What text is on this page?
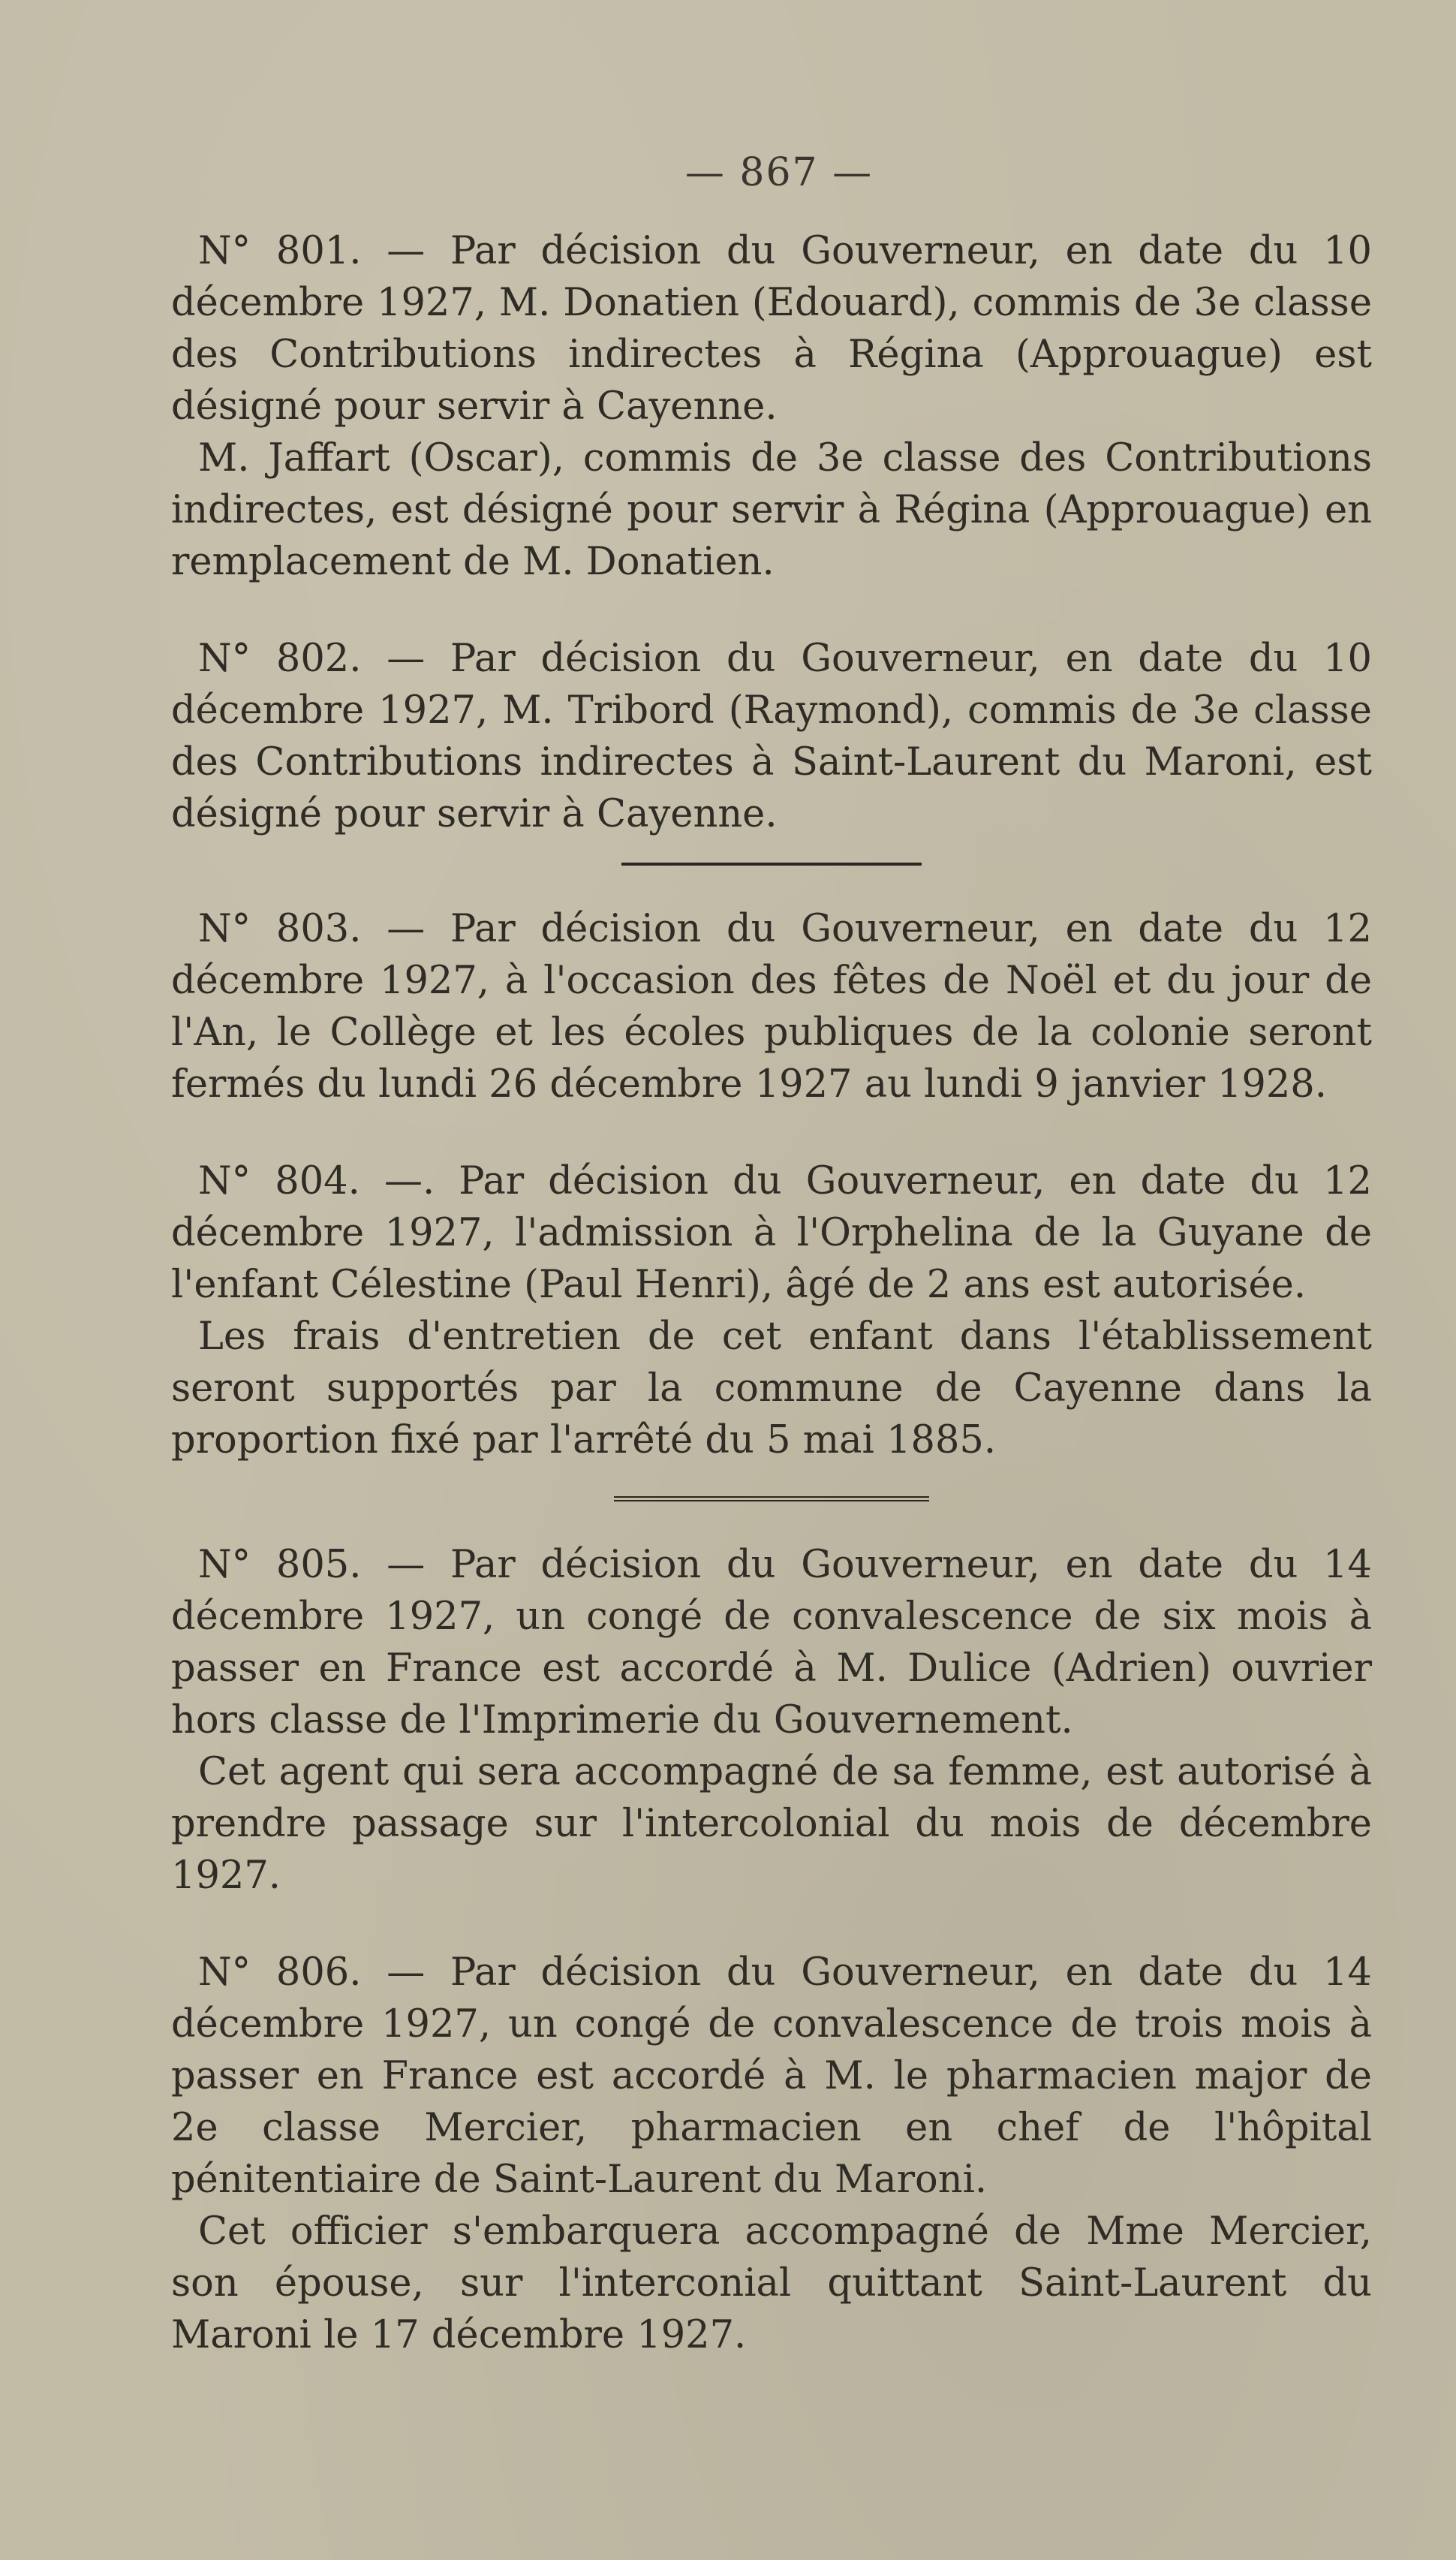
— 867 —

N° 801. — Par décision du Gouverneur, en date du 10 décembre 1927, M. Donatien (Edouard), commis de 3e classe des Contributions indirectes à Régina (Approuague) est désigné pour servir à Cayenne.

M. Jaffart (Oscar), commis de 3e classe des Contributions indirectes, est désigné pour servir à Régina (Approuague) en remplacement de M. Donatien.

N° 802. — Par décision du Gouverneur, en date du 10 décembre 1927, M. Tribord (Raymond), commis de 3e classe des Contributions indirectes à Saint-Laurent du Maroni, est désigné pour servir à Cayenne.

N° 803. — Par décision du Gouverneur, en date du 12 décembre 1927, à l'occasion des fêtes de Noël et du jour de l'An, le Collège et les écoles publiques de la colonie seront fermés du lundi 26 décembre 1927 au lundi 9 janvier 1928.

N° 804. —. Par décision du Gouverneur, en date du 12 décembre 1927, l'admission à l'Orphelina de la Guyane de l'enfant Célestine (Paul Henri), âgé de 2 ans est autorisée.

Les frais d'entretien de cet enfant dans l'établissement seront supportés par la commune de Cayenne dans la proportion fixé par l'arrêté du 5 mai 1885.

N° 805. — Par décision du Gouverneur, en date du 14 décembre 1927, un congé de convalescence de six mois à passer en France est accordé à M. Dulice (Adrien) ouvrier hors classe de l'Imprimerie du Gouvernement.

Cet agent qui sera accompagné de sa femme, est autorisé à prendre passage sur l'intercolonial du mois de décembre 1927.

N° 806. — Par décision du Gouverneur, en date du 14 décembre 1927, un congé de convalescence de trois mois à passer en France est accordé à M. le pharmacien major de 2e classe Mercier, pharmacien en chef de l'hôpital pénitentiaire de Saint-Laurent du Maroni.

Cet officier s'embarquera accompagné de Mme Mercier, son épouse, sur l'interconial quittant Saint-Laurent du Maroni le 17 décembre 1927.
